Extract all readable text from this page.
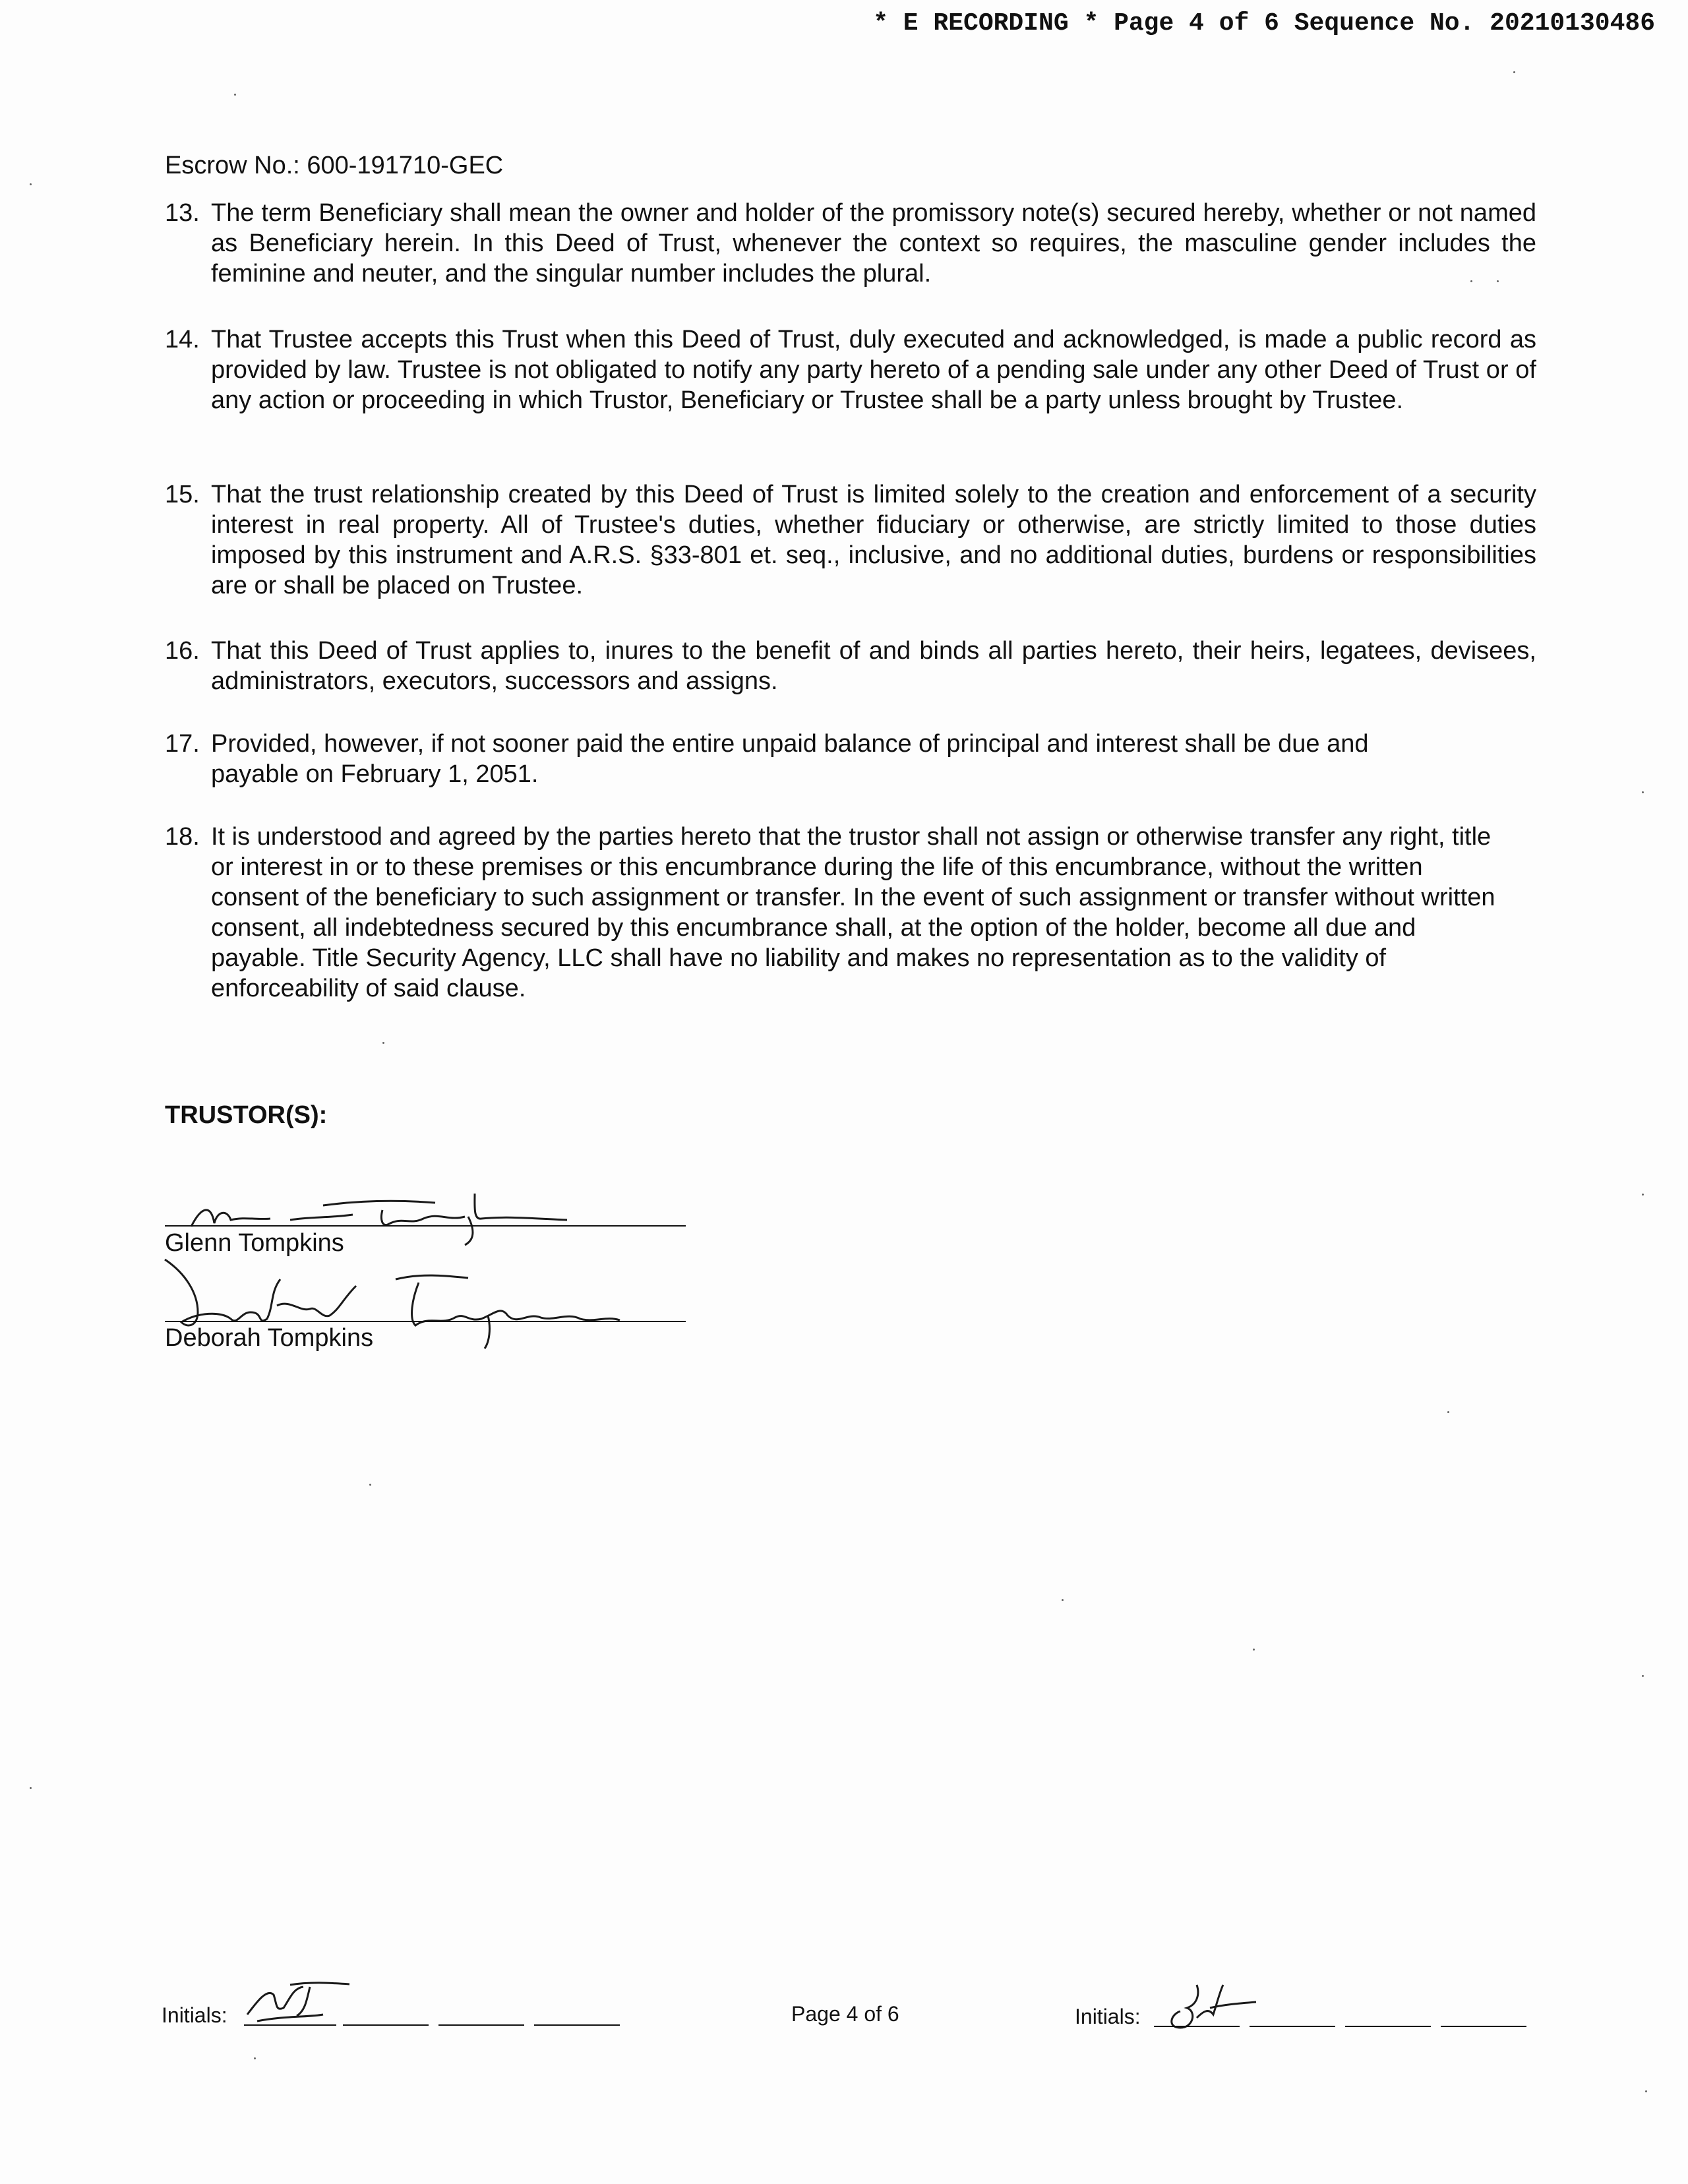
* E RECORDING * Page 4 of 6 Sequence No. 20210130486
Escrow No.: 600-191710-GEC
13. The term Beneficiary shall mean the owner and holder of the promissory note(s) secured hereby, whether or not named as Beneficiary herein. In this Deed of Trust, whenever the context so requires, the masculine gender includes the feminine and neuter, and the singular number includes the plural.
14. That Trustee accepts this Trust when this Deed of Trust, duly executed and acknowledged, is made a public record as provided by law. Trustee is not obligated to notify any party hereto of a pending sale under any other Deed of Trust or of any action or proceeding in which Trustor, Beneficiary or Trustee shall be a party unless brought by Trustee.
15. That the trust relationship created by this Deed of Trust is limited solely to the creation and enforcement of a security interest in real property. All of Trustee's duties, whether fiduciary or otherwise, are strictly limited to those duties imposed by this instrument and A.R.S. §33-801 et. seq., inclusive, and no additional duties, burdens or responsibilities are or shall be placed on Trustee.
16. That this Deed of Trust applies to, inures to the benefit of and binds all parties hereto, their heirs, legatees, devisees, administrators, executors, successors and assigns.
17. Provided, however, if not sooner paid the entire unpaid balance of principal and interest shall be due and payable on February 1, 2051.
18. It is understood and agreed by the parties hereto that the trustor shall not assign or otherwise transfer any right, title or interest in or to these premises or this encumbrance during the life of this encumbrance, without the written consent of the beneficiary to such assignment or transfer. In the event of such assignment or transfer without written consent, all indebtedness secured by this encumbrance shall, at the option of the holder, become all due and payable. Title Security Agency, LLC shall have no liability and makes no representation as to the validity of enforceability of said clause.
TRUSTOR(S):
Glenn Tompkins
Deborah Tompkins
Initials:	Page 4 of 6	Initials:
